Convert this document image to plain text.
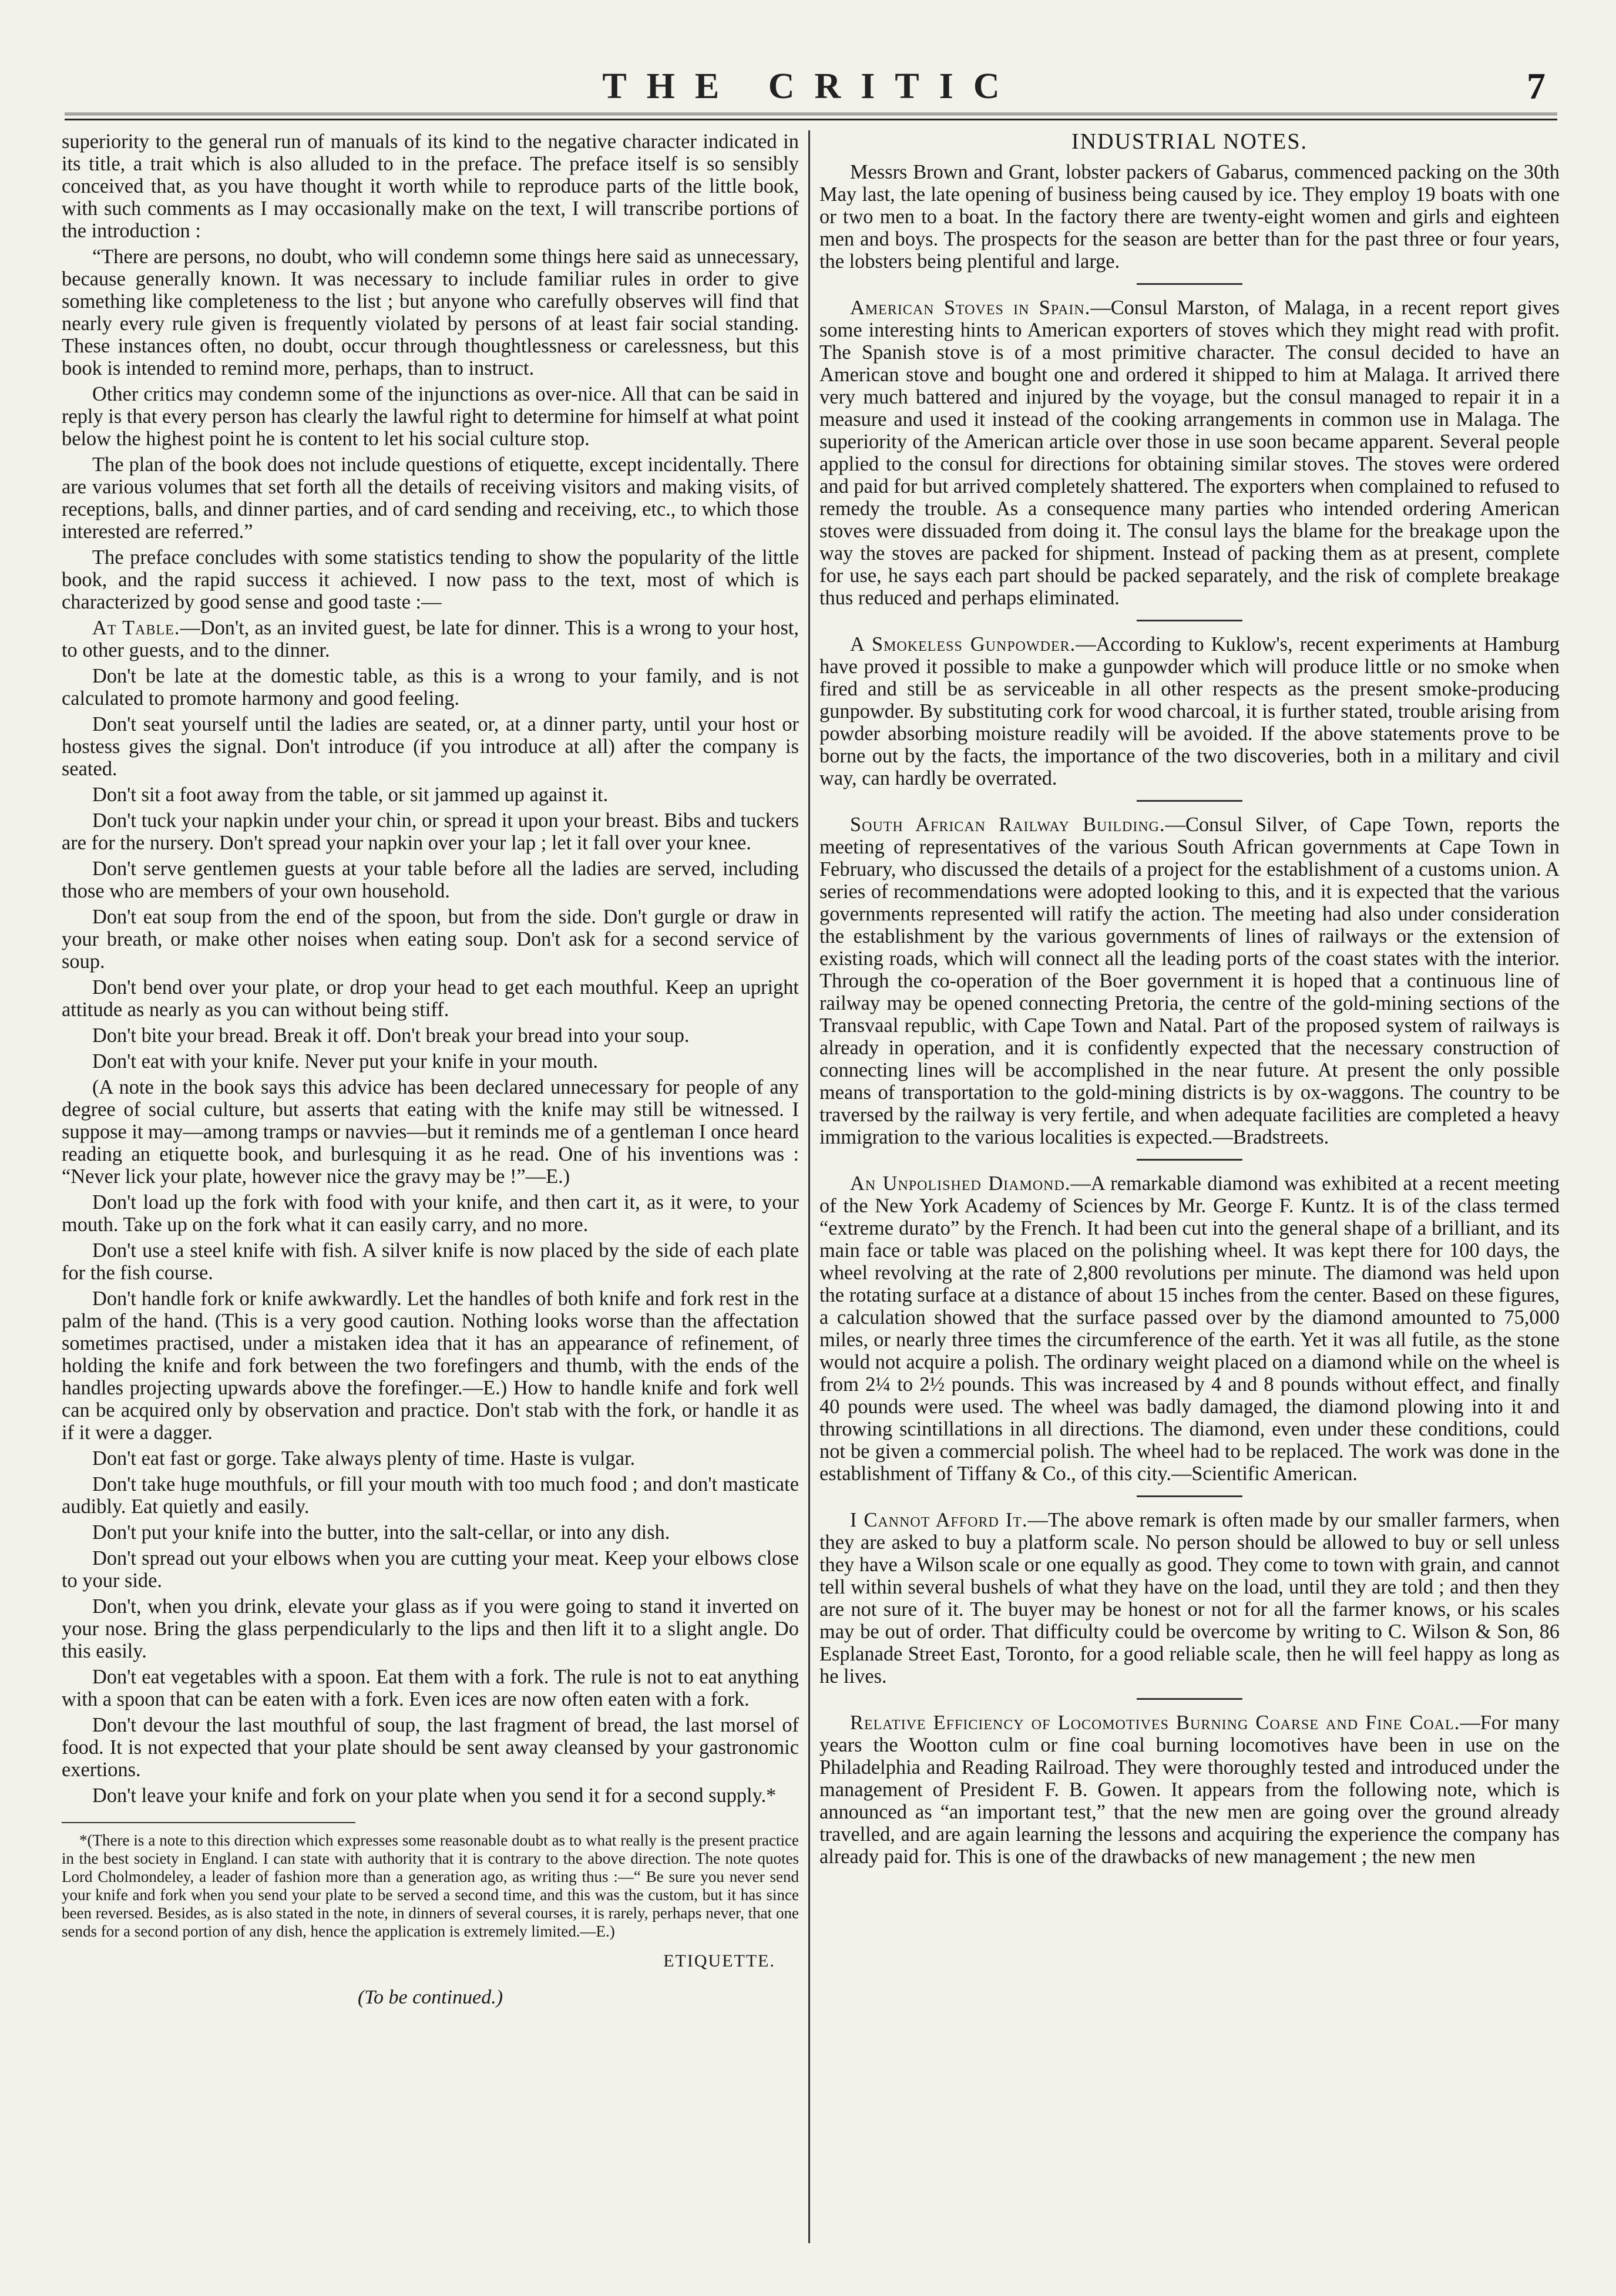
THE CRITIC	7

superiority to the general run of manuals of its kind to the negative character indicated in its title, a trait which is also alluded to in the preface. The preface itself is so sensibly conceived that, as you have thought it worth while to reproduce parts of the little book, with such comments as I may occasionally make on the text, I will transcribe portions of the introduction :

“There are persons, no doubt, who will condemn some things here said as unnecessary, because generally known. It was necessary to include familiar rules in order to give something like completeness to the list ; but anyone who carefully observes will find that nearly every rule given is frequently violated by persons of at least fair social standing. These instances often, no doubt, occur through thoughtlessness or carelessness, but this book is intended to remind more, perhaps, than to instruct.

Other critics may condemn some of the injunctions as over-nice. All that can be said in reply is that every person has clearly the lawful right to determine for himself at what point below the highest point he is content to let his social culture stop.

The plan of the book does not include questions of etiquette, except incidentally. There are various volumes that set forth all the details of receiving visitors and making visits, of receptions, balls, and dinner parties, and of card sending and receiving, etc., to which those interested are referred.”

The preface concludes with some statistics tending to show the popularity of the little book, and the rapid success it achieved. I now pass to the text, most of which is characterized by good sense and good taste :—

At Table.—Don't, as an invited guest, be late for dinner. This is a wrong to your host, to other guests, and to the dinner.

Don't be late at the domestic table, as this is a wrong to your family, and is not calculated to promote harmony and good feeling.

Don't seat yourself until the ladies are seated, or, at a dinner party, until your host or hostess gives the signal. Don't introduce (if you introduce at all) after the company is seated.

Don't sit a foot away from the table, or sit jammed up against it.

Don't tuck your napkin under your chin, or spread it upon your breast. Bibs and tuckers are for the nursery. Don't spread your napkin over your lap ; let it fall over your knee.

Don't serve gentlemen guests at your table before all the ladies are served, including those who are members of your own household.

Don't eat soup from the end of the spoon, but from the side. Don't gurgle or draw in your breath, or make other noises when eating soup. Don't ask for a second service of soup.

Don't bend over your plate, or drop your head to get each mouthful. Keep an upright attitude as nearly as you can without being stiff.

Don't bite your bread. Break it off. Don't break your bread into your soup.

Don't eat with your knife. Never put your knife in your mouth.

(A note in the book says this advice has been declared unnecessary for people of any degree of social culture, but asserts that eating with the knife may still be witnessed. I suppose it may—among tramps or navvies—but it reminds me of a gentleman I once heard reading an etiquette book, and burlesquing it as he read. One of his inventions was : “Never lick your plate, however nice the gravy may be !”—E.)

Don't load up the fork with food with your knife, and then cart it, as it were, to your mouth. Take up on the fork what it can easily carry, and no more.

Don't use a steel knife with fish. A silver knife is now placed by the side of each plate for the fish course.

Don't handle fork or knife awkwardly. Let the handles of both knife and fork rest in the palm of the hand. (This is a very good caution. Nothing looks worse than the affectation sometimes practised, under a mistaken idea that it has an appearance of refinement, of holding the knife and fork between the two forefingers and thumb, with the ends of the handles projecting upwards above the forefinger.—E.) How to handle knife and fork well can be acquired only by observation and practice. Don't stab with the fork, or handle it as if it were a dagger.

Don't eat fast or gorge. Take always plenty of time. Haste is vulgar.

Don't take huge mouthfuls, or fill your mouth with too much food ; and don't masticate audibly. Eat quietly and easily.

Don't put your knife into the butter, into the salt-cellar, or into any dish.

Don't spread out your elbows when you are cutting your meat. Keep your elbows close to your side.

Don't, when you drink, elevate your glass as if you were going to stand it inverted on your nose. Bring the glass perpendicularly to the lips and then lift it to a slight angle. Do this easily.

Don't eat vegetables with a spoon. Eat them with a fork. The rule is not to eat anything with a spoon that can be eaten with a fork. Even ices are now often eaten with a fork.

Don't devour the last mouthful of soup, the last fragment of bread, the last morsel of food. It is not expected that your plate should be sent away cleansed by your gastronomic exertions.

Don't leave your knife and fork on your plate when you send it for a second supply.*

*(There is a note to this direction which expresses some reasonable doubt as to what really is the present practice in the best society in England. I can state with authority that it is contrary to the above direction. The note quotes Lord Cholmondeley, a leader of fashion more than a generation ago, as writing thus :—“ Be sure you never send your knife and fork when you send your plate to be served a second time, and this was the custom, but it has since been reversed. Besides, as is also stated in the note, in dinners of several courses, it is rarely, perhaps never, that one sends for a second portion of any dish, hence the application is extremely limited.—E.)

ETIQUETTE.

(To be continued.)

INDUSTRIAL NOTES.

Messrs Brown and Grant, lobster packers of Gabarus, commenced packing on the 30th May last, the late opening of business being caused by ice. They employ 19 boats with one or two men to a boat. In the factory there are twenty-eight women and girls and eighteen men and boys. The prospects for the season are better than for the past three or four years, the lobsters being plentiful and large.

American Stoves in Spain.—Consul Marston, of Malaga, in a recent report gives some interesting hints to American exporters of stoves which they might read with profit. The Spanish stove is of a most primitive character. The consul decided to have an American stove and bought one and ordered it shipped to him at Malaga. It arrived there very much battered and injured by the voyage, but the consul managed to repair it in a measure and used it instead of the cooking arrangements in common use in Malaga. The superiority of the American article over those in use soon became apparent. Several people applied to the consul for directions for obtaining similar stoves. The stoves were ordered and paid for but arrived completely shattered. The exporters when complained to refused to remedy the trouble. As a consequence many parties who intended ordering American stoves were dissuaded from doing it. The consul lays the blame for the breakage upon the way the stoves are packed for shipment. Instead of packing them as at present, complete for use, he says each part should be packed separately, and the risk of complete breakage thus reduced and perhaps eliminated.

A Smokeless Gunpowder.—According to Kuklow's, recent experiments at Hamburg have proved it possible to make a gunpowder which will produce little or no smoke when fired and still be as serviceable in all other respects as the present smoke-producing gunpowder. By substituting cork for wood charcoal, it is further stated, trouble arising from powder absorbing moisture readily will be avoided. If the above statements prove to be borne out by the facts, the importance of the two discoveries, both in a military and civil way, can hardly be overrated.

South African Railway Building.—Consul Silver, of Cape Town, reports the meeting of representatives of the various South African governments at Cape Town in February, who discussed the details of a project for the establishment of a customs union. A series of recommendations were adopted looking to this, and it is expected that the various governments represented will ratify the action. The meeting had also under consideration the establishment by the various governments of lines of railways or the extension of existing roads, which will connect all the leading ports of the coast states with the interior. Through the co-operation of the Boer government it is hoped that a continuous line of railway may be opened connecting Pretoria, the centre of the gold-mining sections of the Transvaal republic, with Cape Town and Natal. Part of the proposed system of railways is already in operation, and it is confidently expected that the necessary construction of connecting lines will be accomplished in the near future. At present the only possible means of transportation to the gold-mining districts is by ox-waggons. The country to be traversed by the railway is very fertile, and when adequate facilities are completed a heavy immigration to the various localities is expected.—Bradstreets.

An Unpolished Diamond.—A remarkable diamond was exhibited at a recent meeting of the New York Academy of Sciences by Mr. George F. Kuntz. It is of the class termed “extreme durato” by the French. It had been cut into the general shape of a brilliant, and its main face or table was placed on the polishing wheel. It was kept there for 100 days, the wheel revolving at the rate of 2,800 revolutions per minute. The diamond was held upon the rotating surface at a distance of about 15 inches from the center. Based on these figures, a calculation showed that the surface passed over by the diamond amounted to 75,000 miles, or nearly three times the circumference of the earth. Yet it was all futile, as the stone would not acquire a polish. The ordinary weight placed on a diamond while on the wheel is from 2¼ to 2½ pounds. This was increased by 4 and 8 pounds without effect, and finally 40 pounds were used. The wheel was badly damaged, the diamond plowing into it and throwing scintillations in all directions. The diamond, even under these conditions, could not be given a commercial polish. The wheel had to be replaced. The work was done in the establishment of Tiffany & Co., of this city.—Scientific American.

I Cannot Afford It.—The above remark is often made by our smaller farmers, when they are asked to buy a platform scale. No person should be allowed to buy or sell unless they have a Wilson scale or one equally as good. They come to town with grain, and cannot tell within several bushels of what they have on the load, until they are told ; and then they are not sure of it. The buyer may be honest or not for all the farmer knows, or his scales may be out of order. That difficulty could be overcome by writing to C. Wilson & Son, 86 Esplanade Street East, Toronto, for a good reliable scale, then he will feel happy as long as he lives.

Relative Efficiency of Locomotives Burning Coarse and Fine Coal.—For many years the Wootton culm or fine coal burning locomotives have been in use on the Philadelphia and Reading Railroad. They were thoroughly tested and introduced under the management of President F. B. Gowen. It appears from the following note, which is announced as “an important test,” that the new men are going over the ground already travelled, and are again learning the lessons and acquiring the experience the company has already paid for. This is one of the drawbacks of new management ; the new men
